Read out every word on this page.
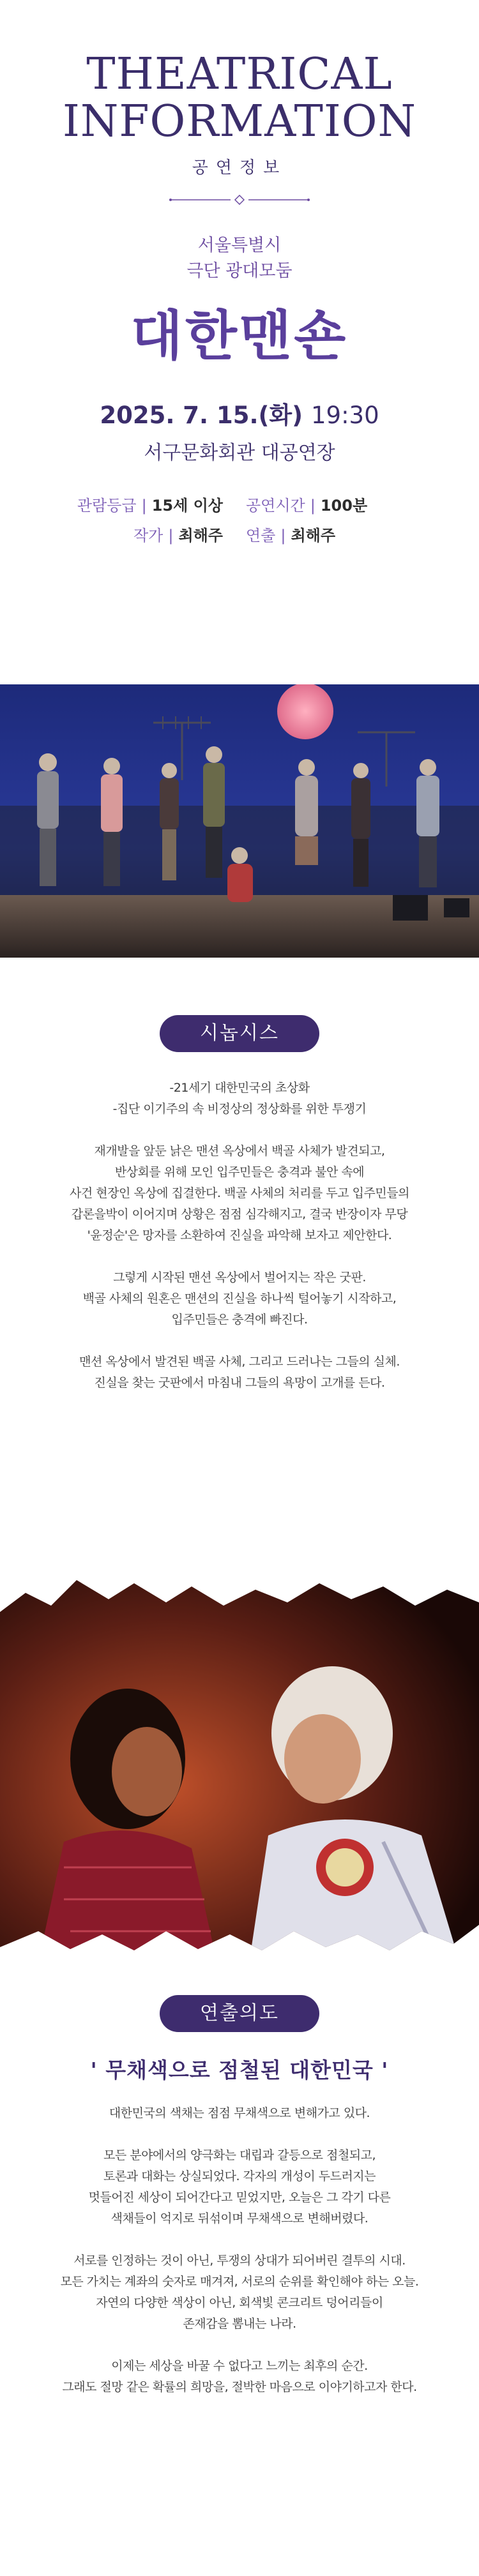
THEATRICAL
INFORMATION
공연정보
서울특별시
극단 광대모둠
대한맨숀
2025. 7. 15.(화) 19:30
서구문화회관 대공연장
관람등급 | 15세 이상 공연시간 | 100분
작가 | 최해주 연출 | 최해주
시놉시스

-21세기 대한민국의 초상화
-집단 이기주의 속 비정상의 정상화를 위한 투쟁기

재개발을 앞둔 낡은 맨션 옥상에서 백골 사체가 발견되고,
반상회를 위해 모인 입주민들은 충격과 불안 속에
사건 현장인 옥상에 집결한다. 백골 사체의 처리를 두고 입주민들의
갑론을박이 이어지며 상황은 점점 심각해지고, 결국 반장이자 무당
'윤정순'은 망자를 소환하여 진실을 파악해 보자고 제안한다.

그렇게 시작된 맨션 옥상에서 벌어지는 작은 굿판.
백골 사체의 원혼은 맨션의 진실을 하나씩 털어놓기 시작하고,
입주민들은 충격에 빠진다.

맨션 옥상에서 발견된 백골 사체, 그리고 드러나는 그들의 실체.
진실을 찾는 굿판에서 마침내 그들의 욕망이 고개를 든다.

연출의도
' 무채색으로 점철된 대한민국 '

대한민국의 색채는 점점 무채색으로 변해가고 있다.

모든 분야에서의 양극화는 대립과 갈등으로 점철되고,
토론과 대화는 상실되었다. 각자의 개성이 두드러지는
멋들어진 세상이 되어간다고 믿었지만, 오늘은 그 각기 다른
색채들이 억지로 뒤섞이며 무채색으로 변해버렸다.

서로를 인정하는 것이 아닌, 투쟁의 상대가 되어버린 결투의 시대.
모든 가치는 계좌의 숫자로 매겨져, 서로의 순위를 확인해야 하는 오늘.
자연의 다양한 색상이 아닌, 회색빛 콘크리트 덩어리들이
존재감을 뽐내는 나라.

이제는 세상을 바꿀 수 없다고 느끼는 최후의 순간.
그래도 절망 같은 확률의 희망을, 절박한 마음으로 이야기하고자 한다.
